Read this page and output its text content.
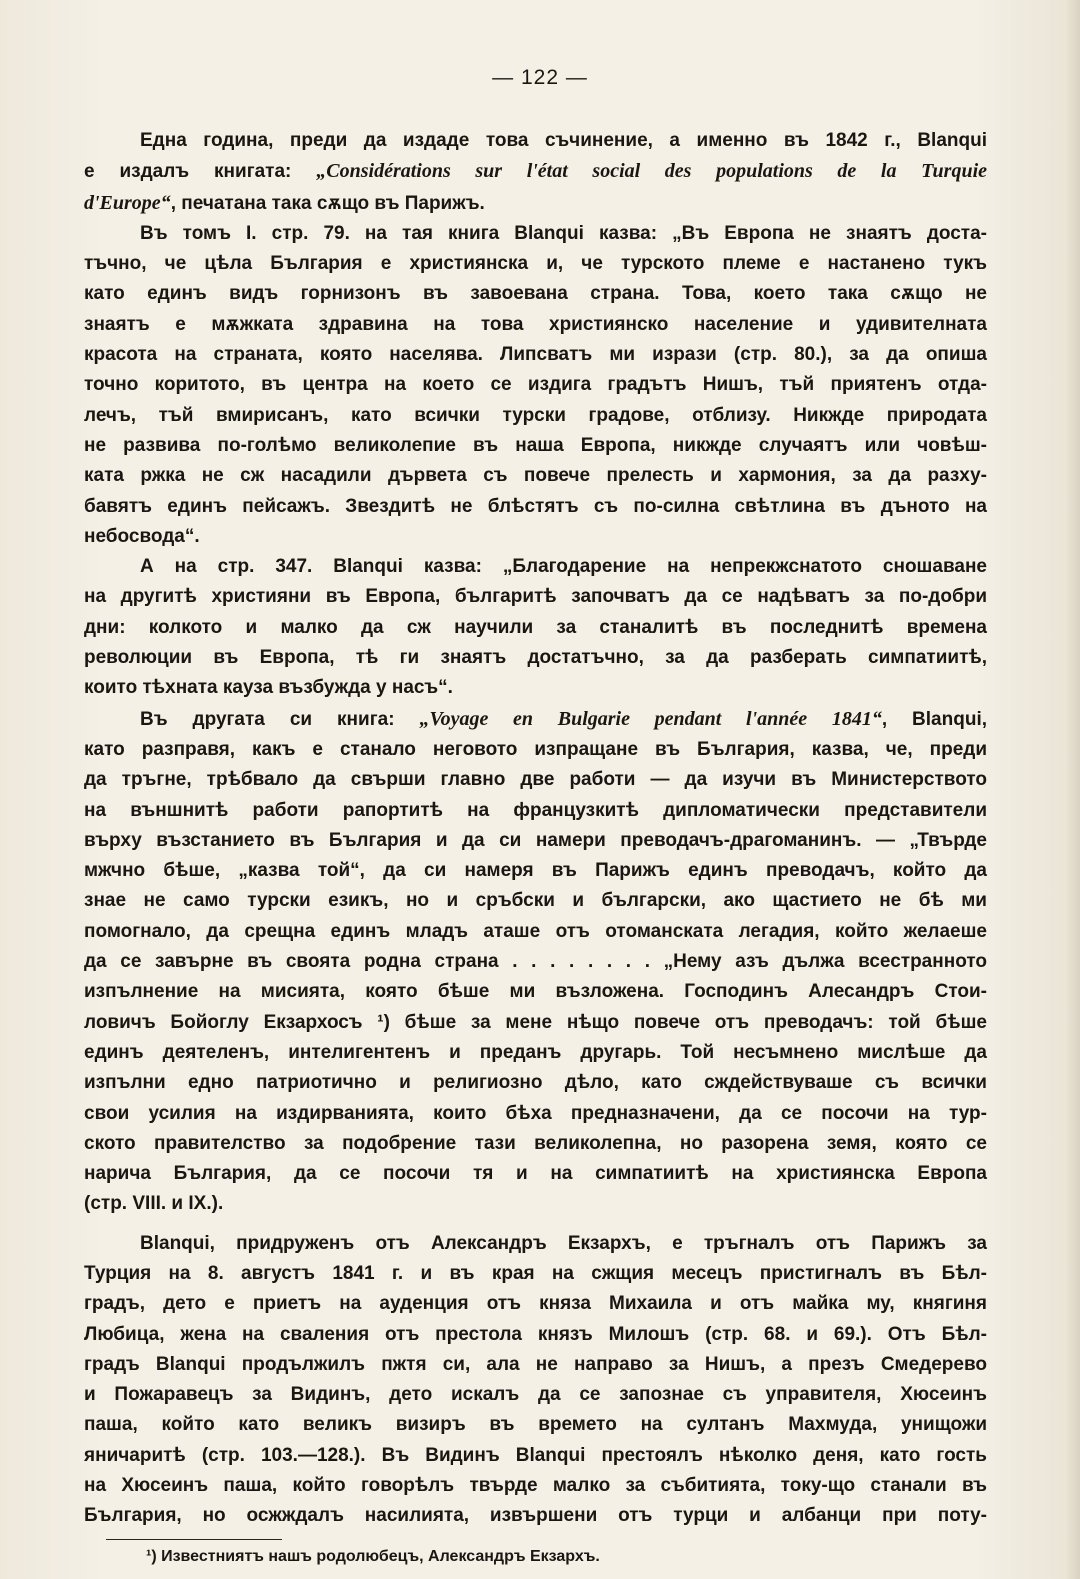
— 122 —
Една година, преди да издаде това съчинение, а именно въ 1842 г., Blanqui
е издалъ книгата: „Considérations sur l'état social des populations de la Turquie
d'Europe“, печатана така сѫщо въ Парижъ.
Въ томъ I. стр. 79. на тая книга Blanqui казва: „Въ Европа не знаятъ доста-
тъчно, че цѣла България е християнска и, че турското племе е настанено тукъ
като единъ видъ горнизонъ въ завоевана страна. Това, което така сѫщо не
знаятъ е мѫжката здравина на това християнско население и удивителната
красота на страната, която населява. Липсватъ ми изрази (стр. 80.), за да опиша
точно коритото, въ центра на което се издига градътъ Нишъ, тъй приятенъ отда-
лечъ, тъй вмирисанъ, като всички турски градове, отблизу. Никжде природата
не развива по-голѣмо великолепие въ наша Европа, никжде случаятъ или човѣш-
ката ржка не сж насадили дървета съ повече прелесть и хармония, за да разху-
бавятъ единъ пейсажъ. Звездитѣ не блѣстятъ съ по-силна свѣтлина въ дъното на
небосвода“.
А на стр. 347. Blanqui казва: „Благодарение на непрекжснатото сношаване
на другитѣ християни въ Европа, българитѣ започватъ да се надѣватъ за по-добри
дни: колкото и малко да сж научили за станалитѣ въ последнитѣ времена
революции въ Европа, тѣ ги знаятъ достатъчно, за да разберать симпатиитѣ,
които тѣхната кауза възбужда у насъ“.
Въ другата си книга: „Voyage en Bulgarie pendant l'année 1841“, Blanqui,
като разправя, какъ е станало неговото изпращане въ България, казва, че, преди
да тръгне, трѣбвало да свърши главно две работи — да изучи въ Министерството
на външнитѣ работи рапортитѣ на французкитѣ дипломатически представители
върху възстанието въ България и да си намери преводачъ-драгоманинъ. — „Твърде
мжчно бѣше, „казва той“, да си намеря въ Парижъ единъ преводачъ, който да
знае не само турски езикъ, но и сръбски и български, ако щастието не бѣ ми
помогнало, да срещна единъ младъ аташе отъ отоманската легадия, който желаеше
да се завърне въ своята родна страна . . . . . . . . „Нему азъ дължа всестранното
изпълнение на мисията, която бѣше ми възложена. Господинъ Алесандръ Стои-
ловичъ Бойоглу Екзархосъ ¹) бѣше за мене нѣщо повече отъ преводачъ: той бѣше
единъ деятеленъ, интелигентенъ и преданъ другарь. Той несъмнено мислѣше да
изпълни едно патриотично и религиозно дѣло, като сждействуваше съ всички
свои усилия на издирванията, които бѣха предназначени, да се посочи на тур-
ското правителство за подобрение тази великолепна, но разорена земя, която се
нарича България, да се посочи тя и на симпатиитѣ на християнска Европа
(стр. VIII. и IX.).
Blanqui, придруженъ отъ Александръ Екзархъ, е тръгналъ отъ Парижъ за
Турция на 8. августъ 1841 г. и въ края на сжщия месецъ пристигналъ въ Бѣл-
градъ, дето е приетъ на ауденция отъ княза Михаила и отъ майка му, княгиня
Любица, жена на сваления отъ престола князъ Милошъ (стр. 68. и 69.). Отъ Бѣл-
градъ Blanqui продължилъ пжтя си, ала не направо за Нишъ, а презъ Смедерево
и Пожаравецъ за Видинъ, дето искалъ да се запознае съ управителя, Хюсеинъ
паша, който като великъ визиръ въ времето на султанъ Махмуда, унищожи
яничаритѣ (стр. 103.—128.). Въ Видинъ Blanqui престоялъ нѣколко деня, като гость
на Хюсеинъ паша, който говорѣлъ твърде малко за събитията, току-що станали въ
България, но осжждалъ насилията, извършени отъ турци и албанци при поту-
¹) Известниятъ нашъ родолюбецъ, Александръ Екзархъ.
